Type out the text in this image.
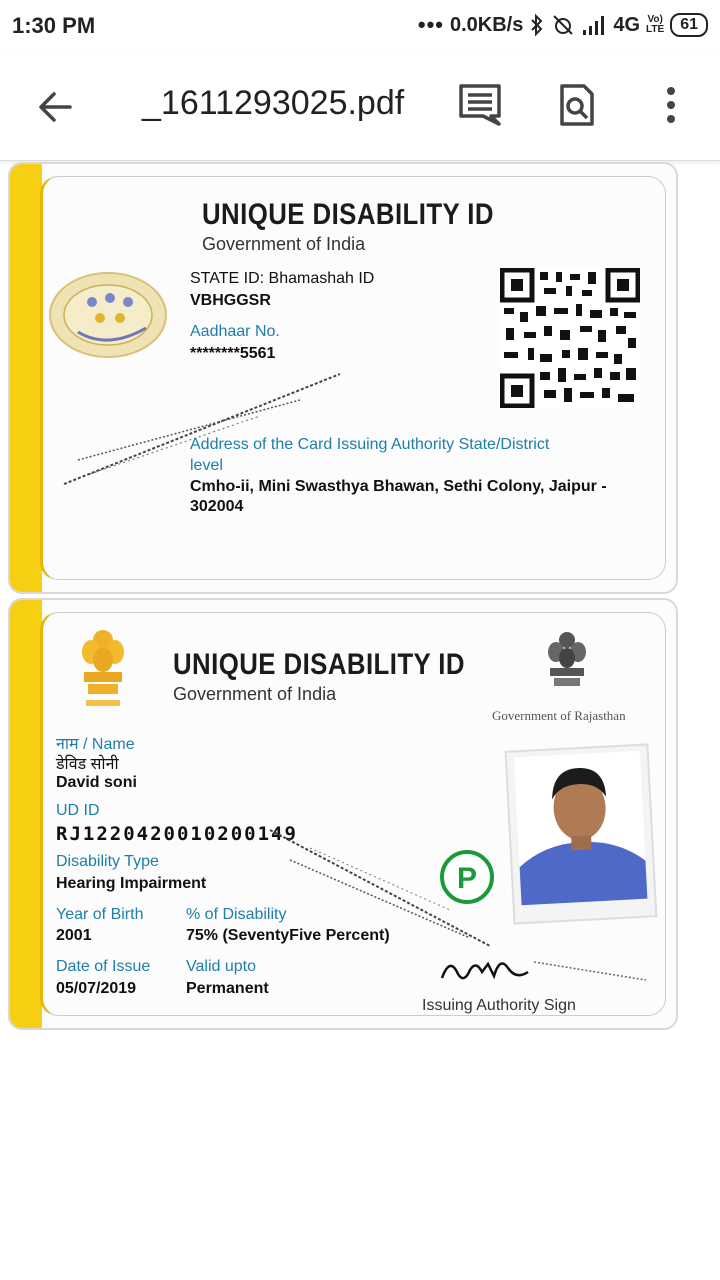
1:30 PM	••• 0.0KB/s	4G Vo)
LTE	61
_1611293025.pdf
UNIQUE DISABILITY ID
Government of India
STATE ID: Bhamashah ID
VBHGGSR
Aadhaar No.
********5561
Address of the Card Issuing Authority State/District
level
Cmho-ii, Mini Swasthya Bhawan, Sethi Colony, Jaipur -
302004
UNIQUE DISABILITY ID
Government of India
Government of Rajasthan
नाम / Name
डेविड सोनी
David soni
UD ID
RJ1220420010200149
Disability Type
Hearing Impairment
Year of Birth
2001
% of Disability
75% (SeventyFive Percent)
Date of Issue
05/07/2019
Valid upto
Permanent
P
Issuing Authority Sign
